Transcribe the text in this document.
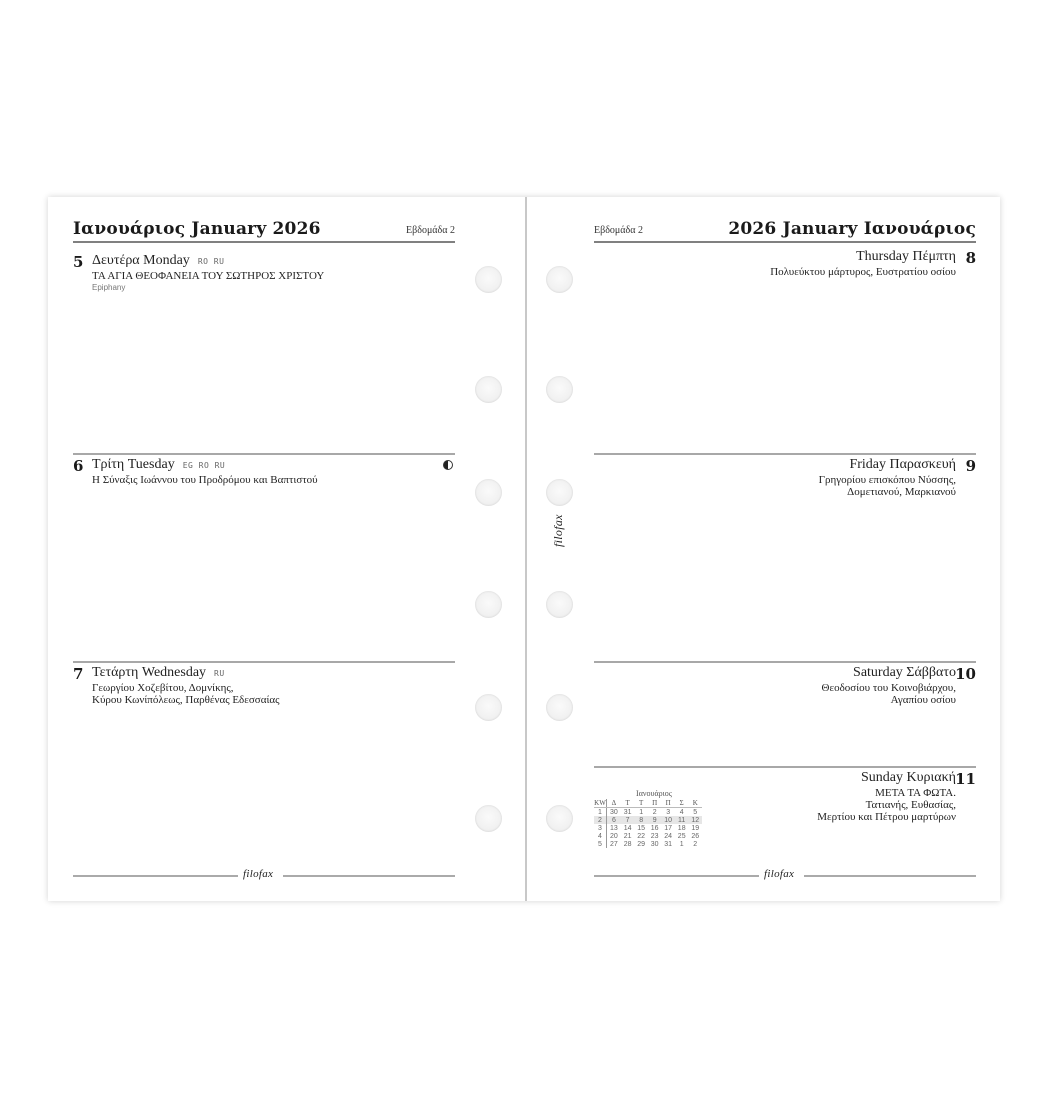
Ιανουάριος January 2026	Εβδομάδα 2
5 Δευτέρα Monday RO RU
ΤΑ ΑΓΙΑ ΘΕΟΦΑΝΕΙΑ ΤΟΥ ΣΩΤΗΡΟΣ ΧΡΙΣΤΟΥ
Epiphany
6 Τρίτη Tuesday EG RO RU
Η Σύναξις Ιωάννου του Προδρόμου και Βαπτιστού
7 Τετάρτη Wednesday RU
Γεωργίου Χοζεβίτου, Δομνίκης,
Κύρου Κωνίπόλεως, Παρθένας Εδεσσαίας
filofax
filofax
Εβδομάδα 2	2026 January Ιανουάριος
8
Thursday Πέμπτη
Πολυεύκτου μάρτυρος, Ευστρατίου οσίου
9
Friday Παρασκευή
Γρηγορίου επισκόπου Νύσσης,
Δομετιανού, Μαρκιανού
10
Saturday Σάββατο
Θεοδοσίου του Κοινοβιάρχου,
Αγαπίου οσίου
11
Sunday Κυριακή
ΜΕΤΑ ΤΑ ΦΩΤΑ.
Τατιανής, Ευθασίας,
Μερτίου και Πέτρου μαρτύρων
Ιανουάριος
KW	Δ	Τ	Τ	Π	Π	Σ	Κ
1	30	31	1	2	3	4	5
2	6	7	8	9	10	11	12
3	13	14	15	16	17	18	19
4	20	21	22	23	24	25	26
5	27	28	29	30	31	1	2
filofax
